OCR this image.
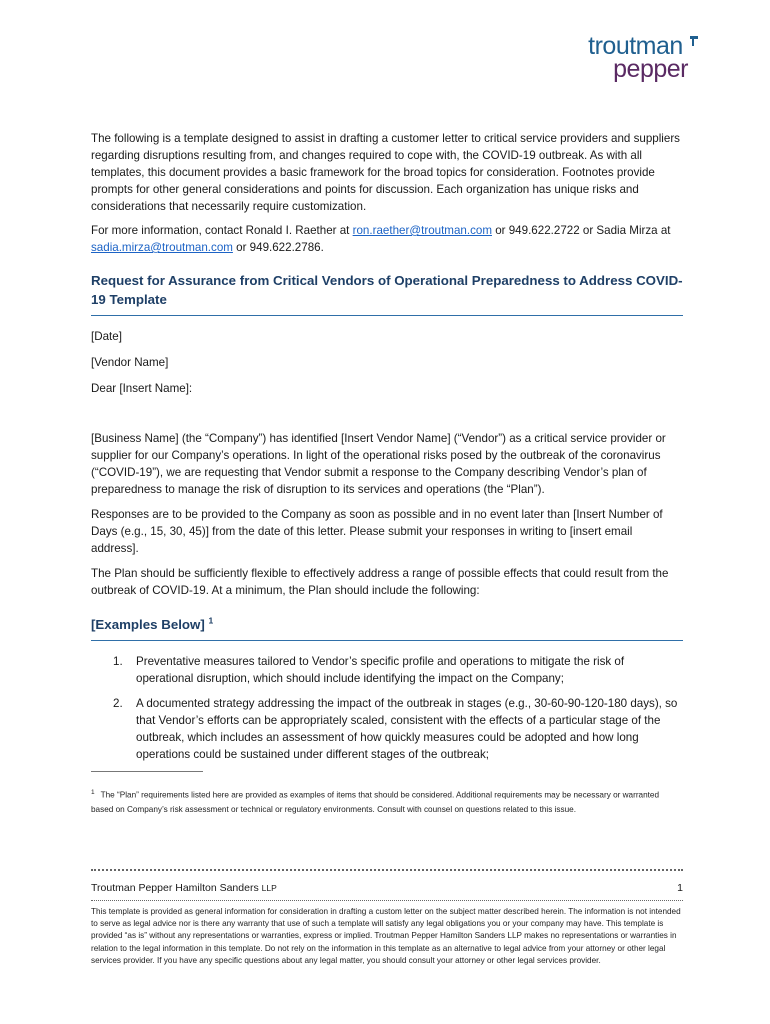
troutman
pepper

The following is a template designed to assist in drafting a customer letter to critical service providers and suppliers regarding disruptions resulting from, and changes required to cope with, the COVID-19 outbreak. As with all templates, this document provides a basic framework for the broad topics for consideration. Footnotes provide prompts for other general considerations and points for discussion. Each organization has unique risks and considerations that necessarily require customization.

For more information, contact Ronald I. Raether at ron.raether@troutman.com or 949.622.2722 or Sadia Mirza at sadia.mirza@troutman.com or 949.622.2786.

Request for Assurance from Critical Vendors of Operational Preparedness to Address COVID-19 Template

[Date]

[Vendor Name]

Dear [Insert Name]:

[Business Name] (the “Company”) has identified [Insert Vendor Name] (“Vendor”) as a critical service provider or supplier for our Company’s operations. In light of the operational risks posed by the outbreak of the coronavirus (“COVID-19”), we are requesting that Vendor submit a response to the Company describing Vendor’s plan of preparedness to manage the risk of disruption to its services and operations (the “Plan”).

Responses are to be provided to the Company as soon as possible and in no event later than [Insert Number of Days (e.g., 15, 30, 45)] from the date of this letter. Please submit your responses in writing to [insert email address].

The Plan should be sufficiently flexible to effectively address a range of possible effects that could result from the outbreak of COVID-19. At a minimum, the Plan should include the following:

[Examples Below] $^1$
1. Preventative measures tailored to Vendor’s specific profile and operations to mitigate the risk of operational disruption, which should include identifying the impact on the Company;
2. A documented strategy addressing the impact of the outbreak in stages (e.g., 30-60-90-120-180 days), so that Vendor’s efforts can be appropriately scaled, consistent with the effects of a particular stage of the outbreak, which includes an assessment of how quickly measures could be adopted and how long operations could be sustained under different stages of the outbreak;
$^1$ The “Plan” requirements listed here are provided as examples of items that should be considered. Additional requirements may be necessary or warranted based on Company’s risk assessment or technical or regulatory environments. Consult with counsel on questions related to this issue.
Troutman Pepper Hamilton Sanders LLP	1
This template is provided as general information for consideration in drafting a custom letter on the subject matter described herein. The information is not intended to serve as legal advice nor is there any warranty that use of such a template will satisfy any legal obligations you or your company may have. This template is provided “as is” without any representations or warranties, express or implied. Troutman Pepper Hamilton Sanders LLP makes no representations or warranties in relation to the legal information in this template. Do not rely on the information in this template as an alternative to legal advice from your attorney or other legal services provider. If you have any specific questions about any legal matter, you should consult your attorney or other legal services provider.
